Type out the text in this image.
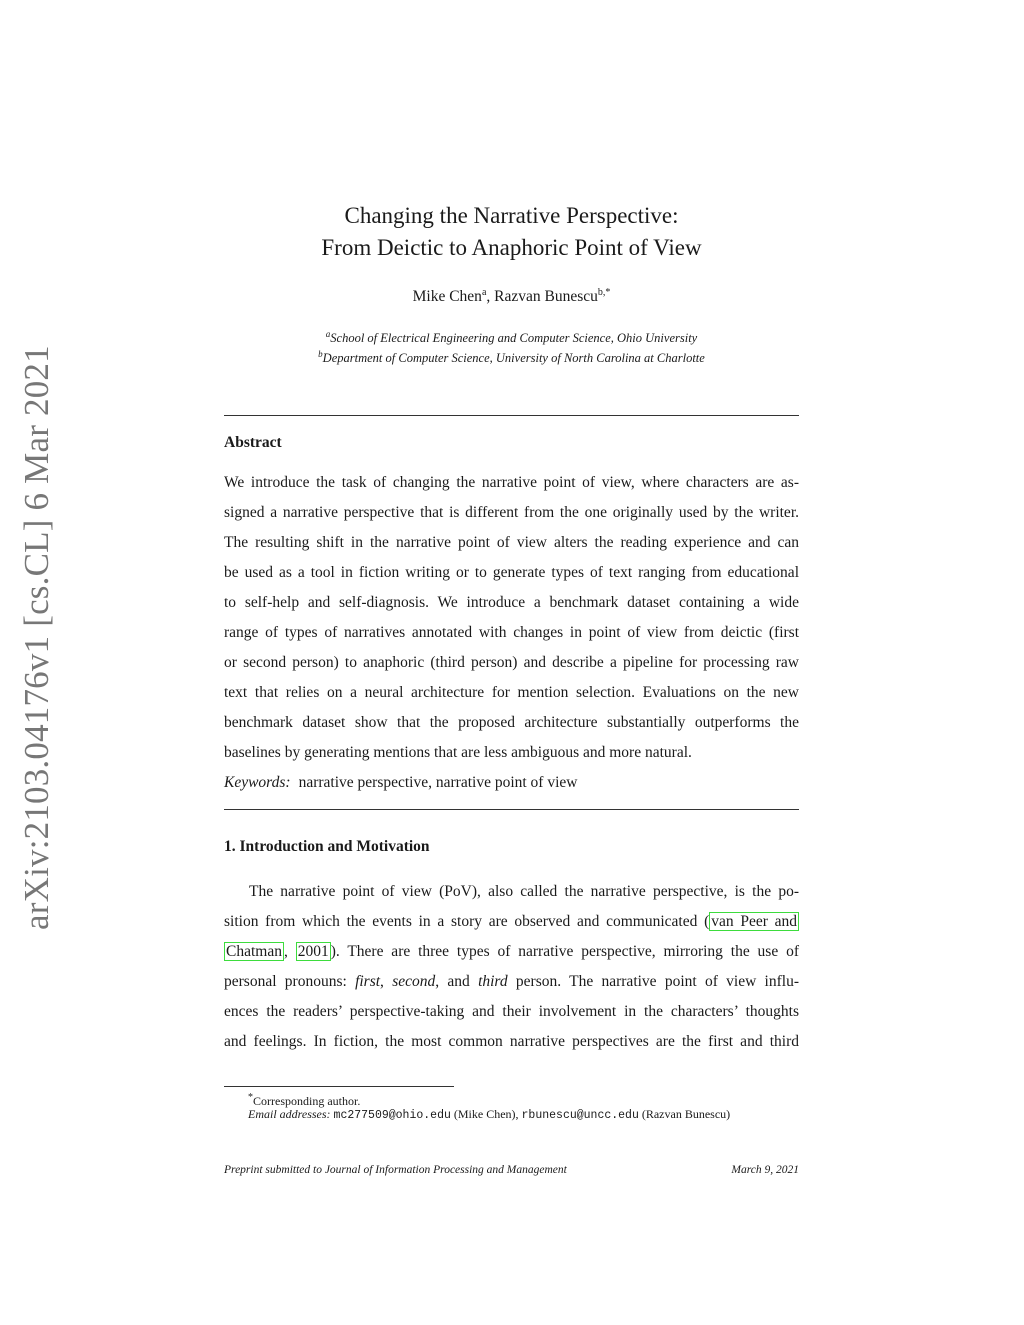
arXiv:2103.04176v1 [cs.CL] 6 Mar 2021
Changing the Narrative Perspective:
From Deictic to Anaphoric Point of View
Mike Chen$^a$, Razvan Bunescu$^{b,*}$
$^a$School of Electrical Engineering and Computer Science, Ohio University
$^b$Department of Computer Science, University of North Carolina at Charlotte
Abstract
We introduce the task of changing the narrative point of view, where characters are as-
signed a narrative perspective that is different from the one originally used by the writer.
The resulting shift in the narrative point of view alters the reading experience and can
be used as a tool in fiction writing or to generate types of text ranging from educational
to self-help and self-diagnosis. We introduce a benchmark dataset containing a wide
range of types of narratives annotated with changes in point of view from deictic (first
or second person) to anaphoric (third person) and describe a pipeline for processing raw
text that relies on a neural architecture for mention selection. Evaluations on the new
benchmark dataset show that the proposed architecture substantially outperforms the
baselines by generating mentions that are less ambiguous and more natural.
Keywords: narrative perspective, narrative point of view
1. Introduction and Motivation
The narrative point of view (PoV), also called the narrative perspective, is the po-
sition from which the events in a story are observed and communicated ( van Peer and
Chatman , 2001 ). There are three types of narrative perspective, mirroring the use of
personal pronouns: first, second, and third person. The narrative point of view influ-
ences the readers’ perspective-taking and their involvement in the characters’ thoughts
and feelings. In fiction, the most common narrative perspectives are the first and third
*Corresponding author.
Email addresses: mc277509@ohio.edu (Mike Chen), rbunescu@uncc.edu (Razvan Bunescu)
Preprint submitted to Journal of Information Processing and Management	March 9, 2021
